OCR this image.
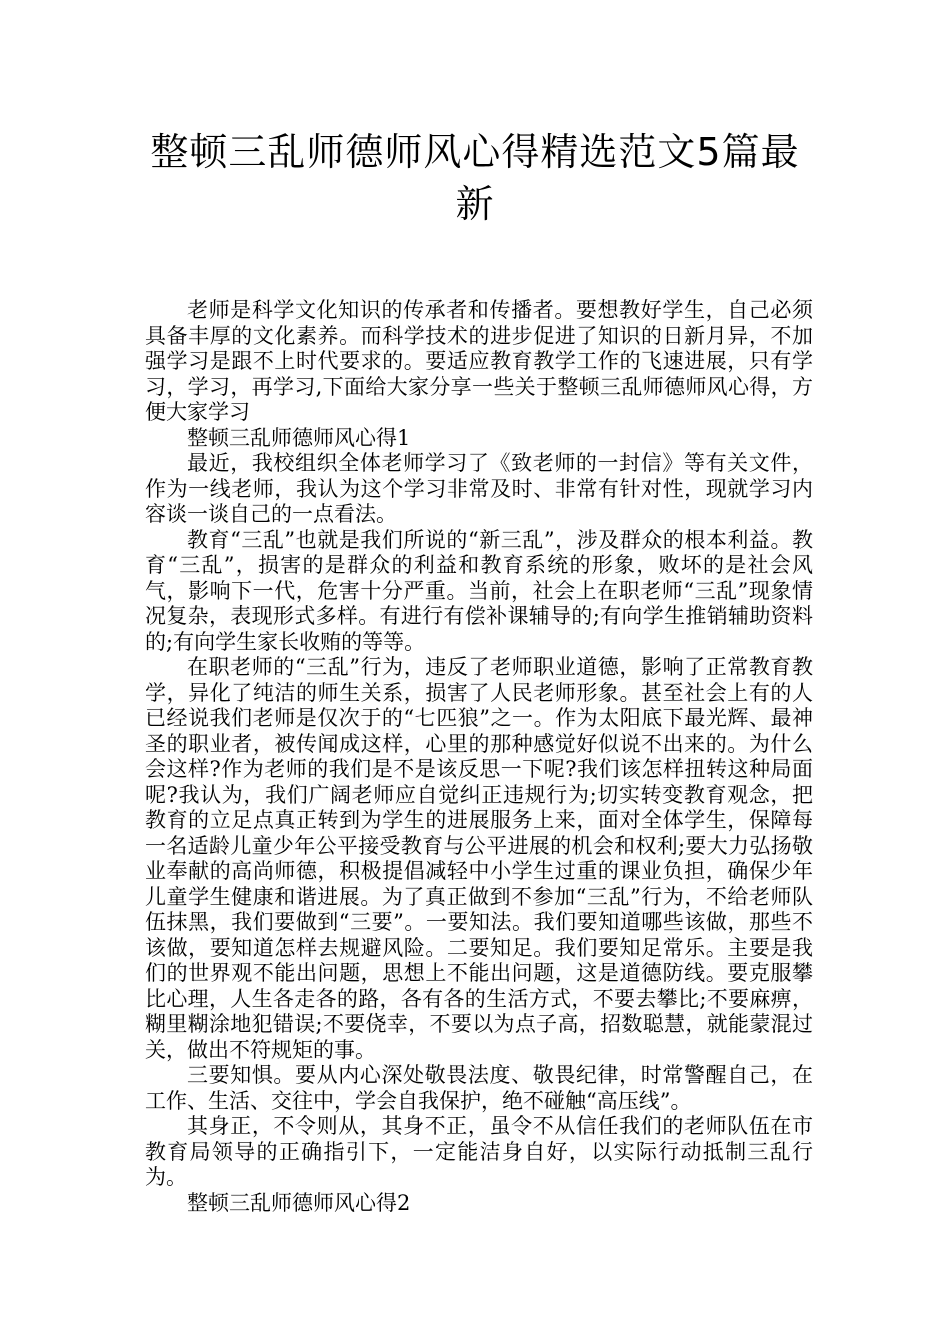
整顿三乱师德师风心得精选范文5篇最新

老师是科学文化知识的传承者和传播者。要想教好学生，自己必须具备丰厚的文化素养。而科学技术的进步促进了知识的日新月异，不加强学习是跟不上时代要求的。要适应教育教学工作的飞速进展，只有学习，学习，再学习,下面给大家分享一些关于整顿三乱师德师风心得，方便大家学习

整顿三乱师德师风心得1

最近，我校组织全体老师学习了《致老师的一封信》等有关文件，作为一线老师，我认为这个学习非常及时、非常有针对性，现就学习内容谈一谈自己的一点看法。

教育“三乱”也就是我们所说的“新三乱”，涉及群众的根本利益。教育“三乱”，损害的是群众的利益和教育系统的形象，败坏的是社会风气，影响下一代，危害十分严重。当前，社会上在职老师“三乱”现象情况复杂，表现形式多样。有进行有偿补课辅导的;有向学生推销辅助资料的;有向学生家长收贿的等等。

在职老师的“三乱”行为，违反了老师职业道德，影响了正常教育教学，异化了纯洁的师生关系，损害了人民老师形象。甚至社会上有的人已经说我们老师是仅次于的“七匹狼”之一。作为太阳底下最光辉、最神圣的职业者，被传闻成这样，心里的那种感觉好似说不出来的。为什么会这样?作为老师的我们是不是该反思一下呢?我们该怎样扭转这种局面呢?我认为，我们广阔老师应自觉纠正违规行为;切实转变教育观念，把教育的立足点真正转到为学生的进展服务上来，面对全体学生，保障每一名适龄儿童少年公平接受教育与公平进展的机会和权利;要大力弘扬敬业奉献的高尚师德，积极提倡减轻中小学生过重的课业负担，确保少年儿童学生健康和谐进展。为了真正做到不参加“三乱”行为，不给老师队伍抹黑，我们要做到“三要”。一要知法。我们要知道哪些该做，那些不该做，要知道怎样去规避风险。二要知足。我们要知足常乐。主要是我们的世界观不能出问题，思想上不能出问题，这是道德防线。要克服攀比心理，人生各走各的路，各有各的生活方式，不要去攀比;不要麻痹，糊里糊涂地犯错误;不要侥幸，不要以为点子高，招数聪慧，就能蒙混过关，做出不符规矩的事。

三要知惧。要从内心深处敬畏法度、敬畏纪律，时常警醒自己，在工作、生活、交往中，学会自我保护，绝不碰触“高压线”。

其身正，不令则从，其身不正，虽令不从信任我们的老师队伍在市教育局领导的正确指引下，一定能洁身自好，以实际行动抵制三乱行为。

整顿三乱师德师风心得2
